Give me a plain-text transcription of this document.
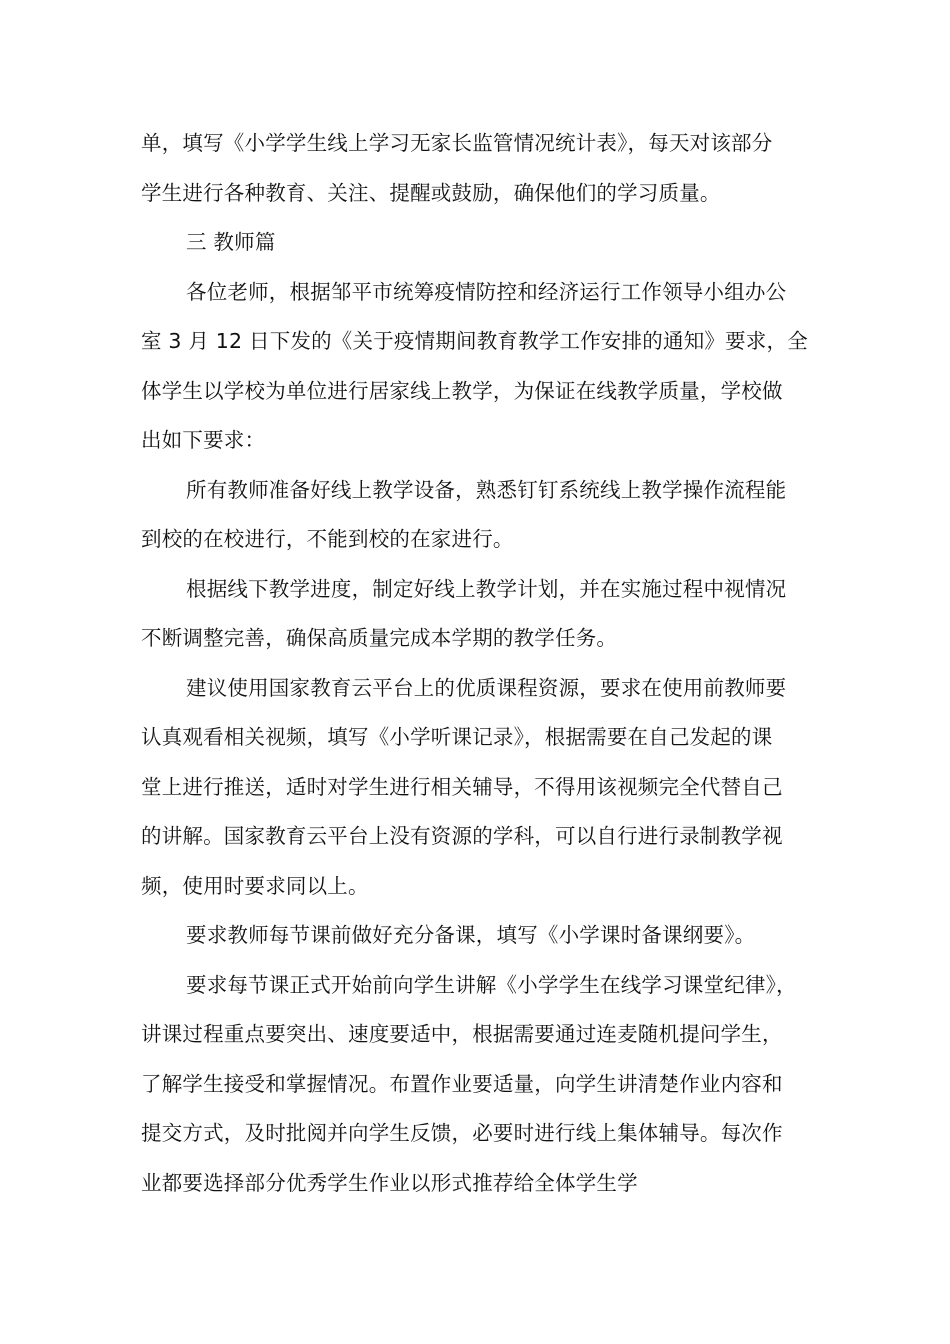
单，填写《小学学生线上学习无家长监管情况统计表》，每天对该部分
学生进行各种教育、关注、提醒或鼓励，确保他们的学习质量。
三 教师篇
各位老师，根据邹平市统筹疫情防控和经济运行工作领导小组办公
室 3 月 12 日下发的《关于疫情期间教育教学工作安排的通知》要求，全
体学生以学校为单位进行居家线上教学，为保证在线教学质量，学校做
出如下要求：
所有教师准备好线上教学设备，熟悉钉钉系统线上教学操作流程能
到校的在校进行，不能到校的在家进行。
根据线下教学进度，制定好线上教学计划，并在实施过程中视情况
不断调整完善，确保高质量完成本学期的教学任务。
建议使用国家教育云平台上的优质课程资源，要求在使用前教师要
认真观看相关视频，填写《小学听课记录》，根据需要在自己发起的课
堂上进行推送，适时对学生进行相关辅导，不得用该视频完全代替自己
的讲解。国家教育云平台上没有资源的学科，可以自行进行录制教学视
频，使用时要求同以上。
要求教师每节课前做好充分备课，填写《小学课时备课纲要》。
要求每节课正式开始前向学生讲解《小学学生在线学习课堂纪律》，
讲课过程重点要突出、速度要适中，根据需要通过连麦随机提问学生，
了解学生接受和掌握情况。布置作业要适量，向学生讲清楚作业内容和
提交方式，及时批阅并向学生反馈，必要时进行线上集体辅导。每次作
业都要选择部分优秀学生作业以形式推荐给全体学生学
